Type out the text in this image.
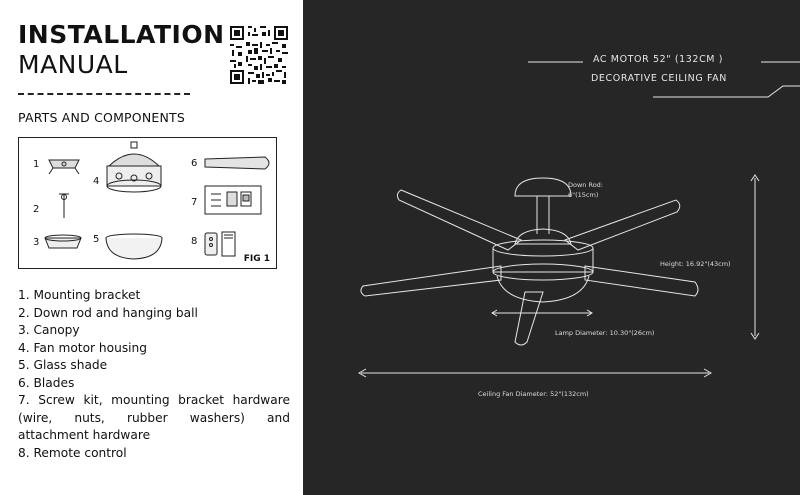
INSTALLATION
MANUAL
PARTS AND COMPONENTS
1
2
3
4
5
6
7
8
FIG 1
1. Mounting bracket
2. Down rod and hanging ball
3. Canopy
4. Fan motor housing
5. Glass shade
6. Blades
7. Screw kit, mounting bracket hardware (wire, nuts, rubber washers) and attachment hardware
8. Remote control
AC MOTOR 52" (132CM )
DECORATIVE CEILING FAN
Down Rod:
6"(15cm)
Height: 16.92"(43cm)
Lamp Diameter: 10.30"(26cm)
Ceiling Fan Diameter: 52"(132cm)
